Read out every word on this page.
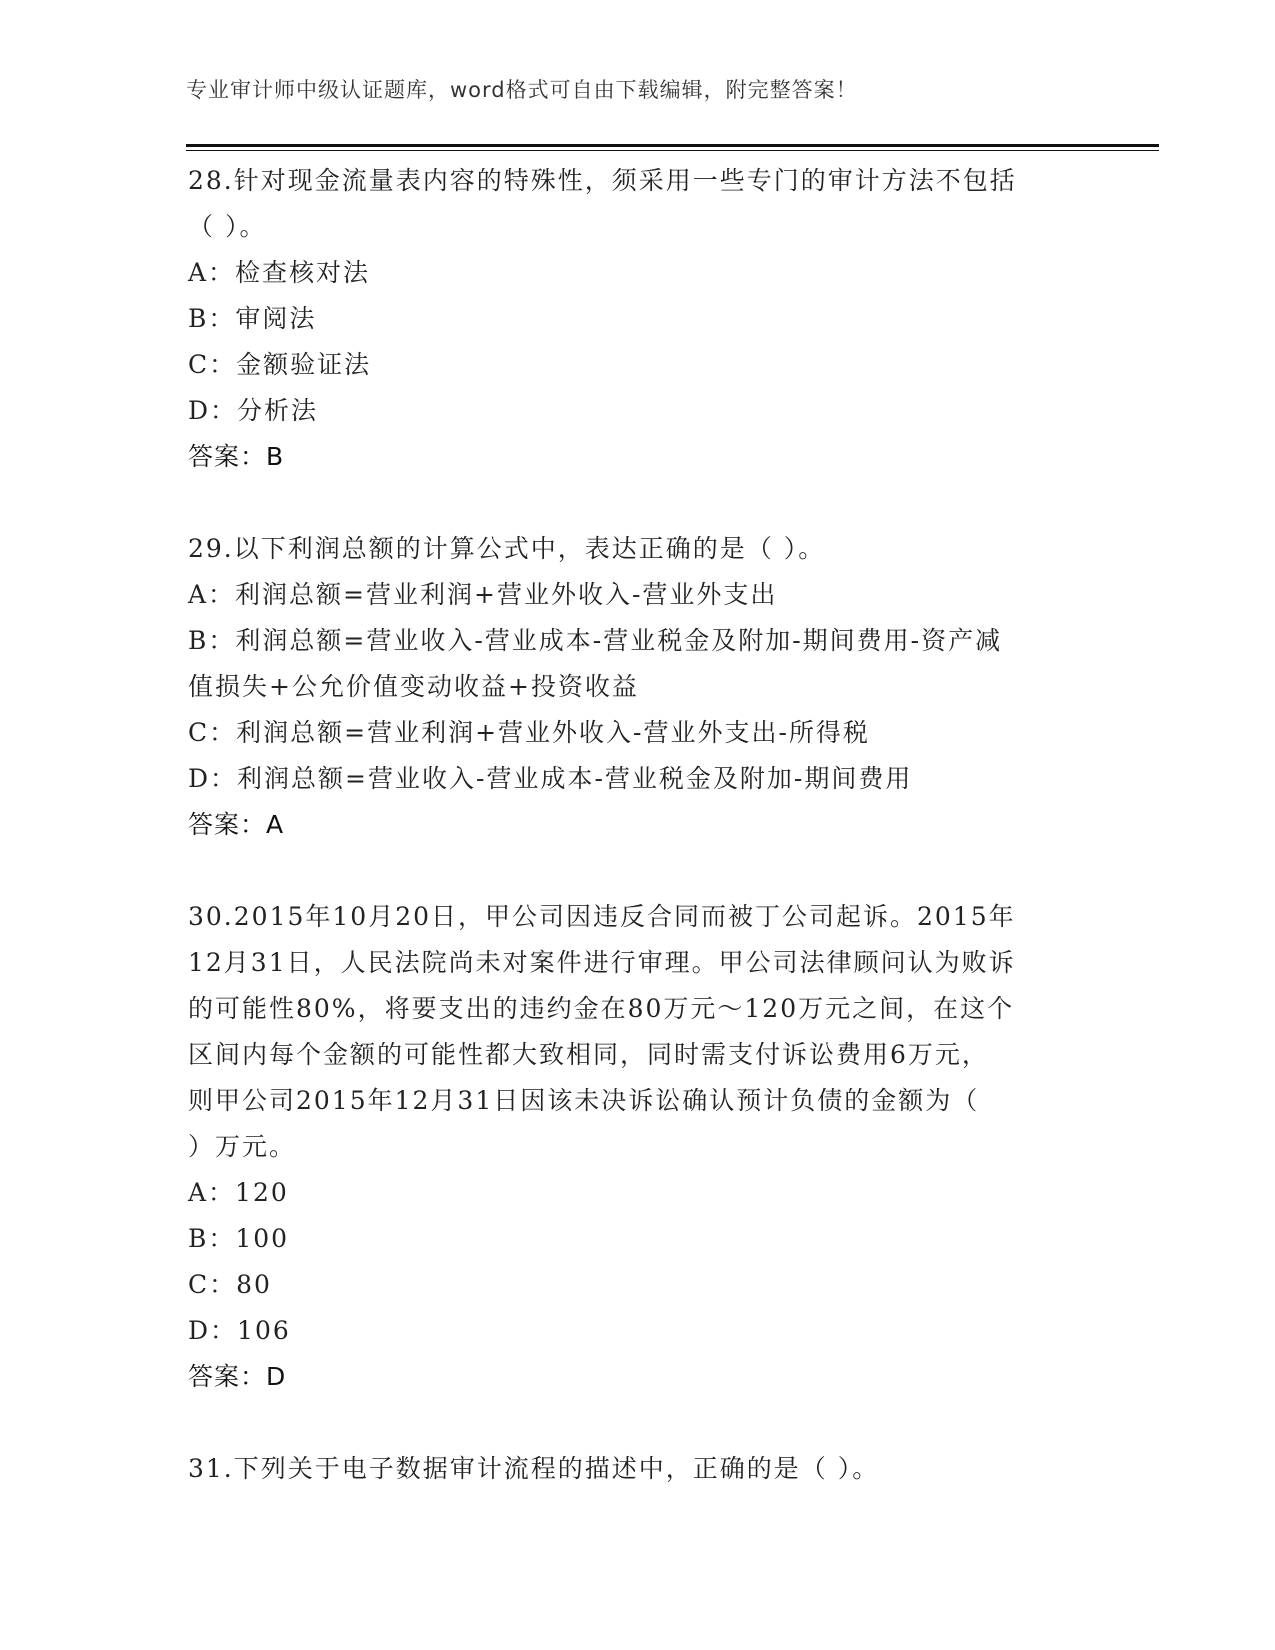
专业审计师中级认证题库，word格式可自由下载编辑，附完整答案！
28.针对现金流量表内容的特殊性，须采用一些专门的审计方法不包括
（ ）。
A：检查核对法
B：审阅法
C：金额验证法
D：分析法
答案：B
29.以下利润总额的计算公式中，表达正确的是（ ）。
A：利润总额=营业利润+营业外收入-营业外支出
B：利润总额=营业收入-营业成本-营业税金及附加-期间费用-资产减
值损失+公允价值变动收益+投资收益
C：利润总额=营业利润+营业外收入-营业外支出-所得税
D：利润总额=营业收入-营业成本-营业税金及附加-期间费用
答案：A
30.2015年10月20日，甲公司因违反合同而被丁公司起诉。2015年
12月31日，人民法院尚未对案件进行审理。甲公司法律顾问认为败诉
的可能性80%，将要支出的违约金在80万元～120万元之间，在这个
区间内每个金额的可能性都大致相同，同时需支付诉讼费用6万元，
则甲公司2015年12月31日因该未决诉讼确认预计负债的金额为（
）万元。
A：120
B：100
C：80
D：106
答案：D
31.下列关于电子数据审计流程的描述中，正确的是（ ）。
